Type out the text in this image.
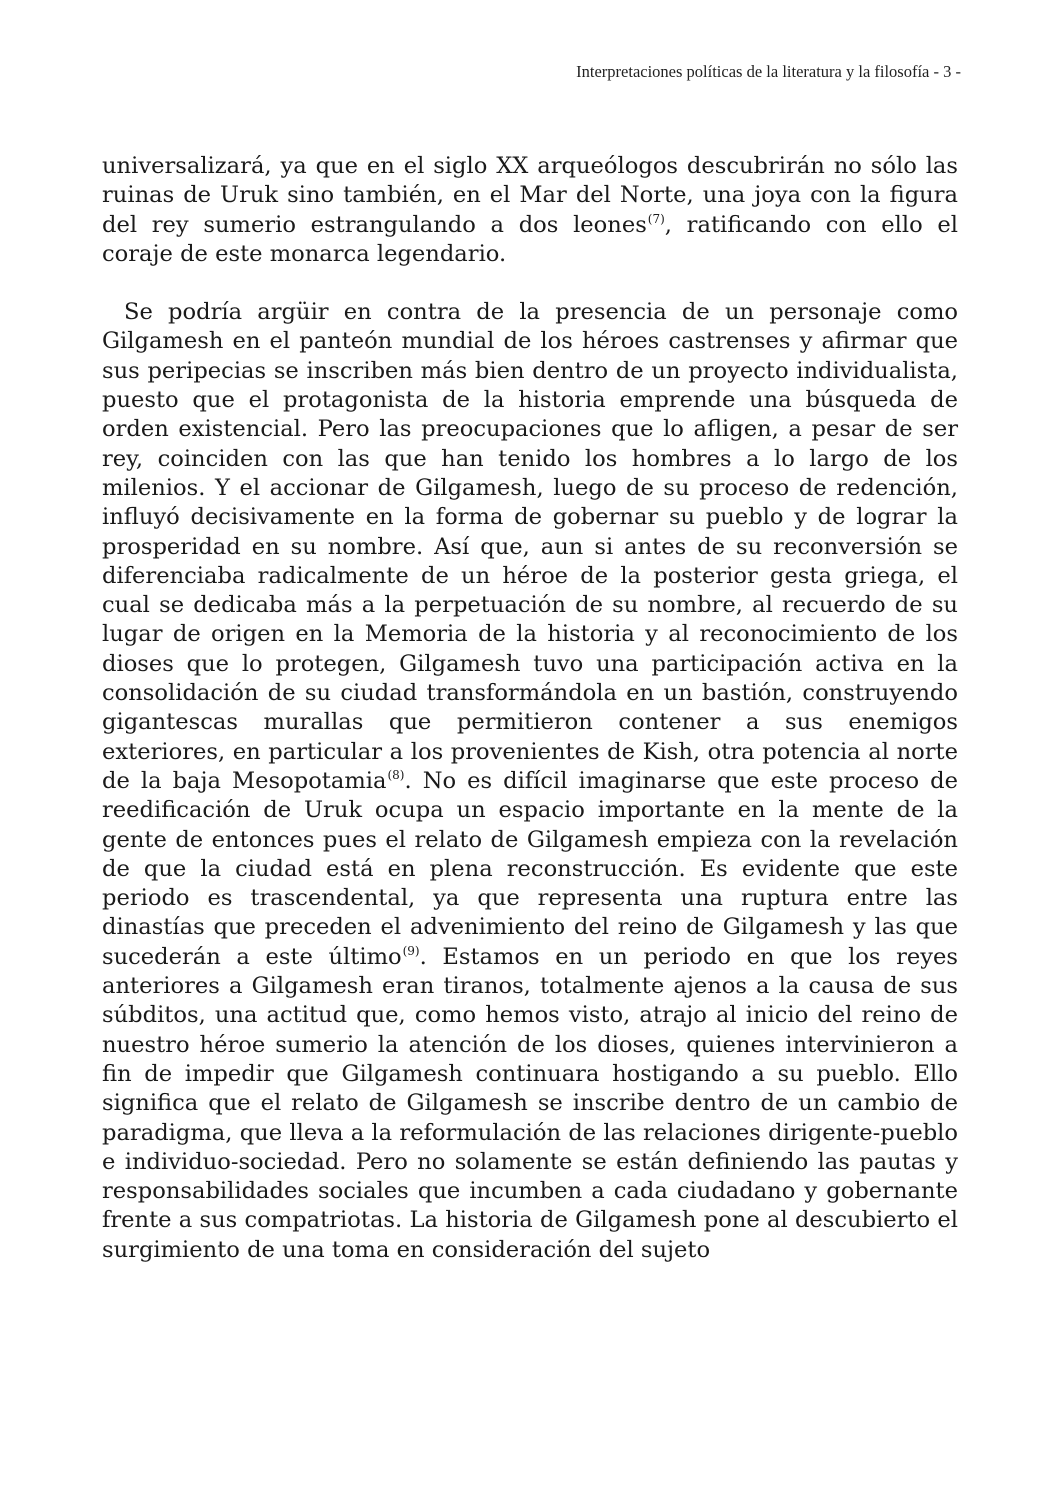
Interpretaciones políticas de la literatura y la filosofía - 3 -

universalizará, ya que en el siglo XX arqueólogos descubrirán no sólo las ruinas de Uruk sino también, en el Mar del Norte, una joya con la figura del rey sumerio estrangulando a dos leones$^{(7)}$, ratificando con ello el coraje de este monarca legendario.

Se podría argüir en contra de la presencia de un personaje como Gilgamesh en el panteón mundial de los héroes castrenses y afirmar que sus peripecias se inscriben más bien dentro de un proyecto individualista, puesto que el protagonista de la historia emprende una búsqueda de orden existencial. Pero las preocupaciones que lo afligen, a pesar de ser rey, coinciden con las que han tenido los hombres a lo largo de los milenios. Y el accionar de Gilgamesh, luego de su proceso de redención, influyó decisivamente en la forma de gobernar su pueblo y de lograr la prosperidad en su nombre. Así que, aun si antes de su reconversión se diferenciaba radicalmente de un héroe de la posterior gesta griega, el cual se dedicaba más a la perpetuación de su nombre, al recuerdo de su lugar de origen en la Memoria de la historia y al reconocimiento de los dioses que lo protegen, Gilgamesh tuvo una participación activa en la consolidación de su ciudad transformándola en un bastión, construyendo gigantescas murallas que permitieron contener a sus enemigos exteriores, en particular a los provenientes de Kish, otra potencia al norte de la baja Mesopotamia$^{(8)}$. No es difícil imaginarse que este proceso de reedificación de Uruk ocupa un espacio importante en la mente de la gente de entonces pues el relato de Gilgamesh empieza con la revelación de que la ciudad está en plena reconstrucción. Es evidente que este periodo es trascendental, ya que representa una ruptura entre las dinastías que preceden el advenimiento del reino de Gilgamesh y las que sucederán a este último$^{(9)}$. Estamos en un periodo en que los reyes anteriores a Gilgamesh eran tiranos, totalmente ajenos a la causa de sus súbditos, una actitud que, como hemos visto, atrajo al inicio del reino de nuestro héroe sumerio la atención de los dioses, quienes intervinieron a fin de impedir que Gilgamesh continuara hostigando a su pueblo. Ello significa que el relato de Gilgamesh se inscribe dentro de un cambio de paradigma, que lleva a la reformulación de las relaciones dirigente-pueblo e individuo-sociedad. Pero no solamente se están definiendo las pautas y responsabilidades sociales que incumben a cada ciudadano y gobernante frente a sus compatriotas. La historia de Gilgamesh pone al descubierto el surgimiento de una toma en consideración del sujeto
